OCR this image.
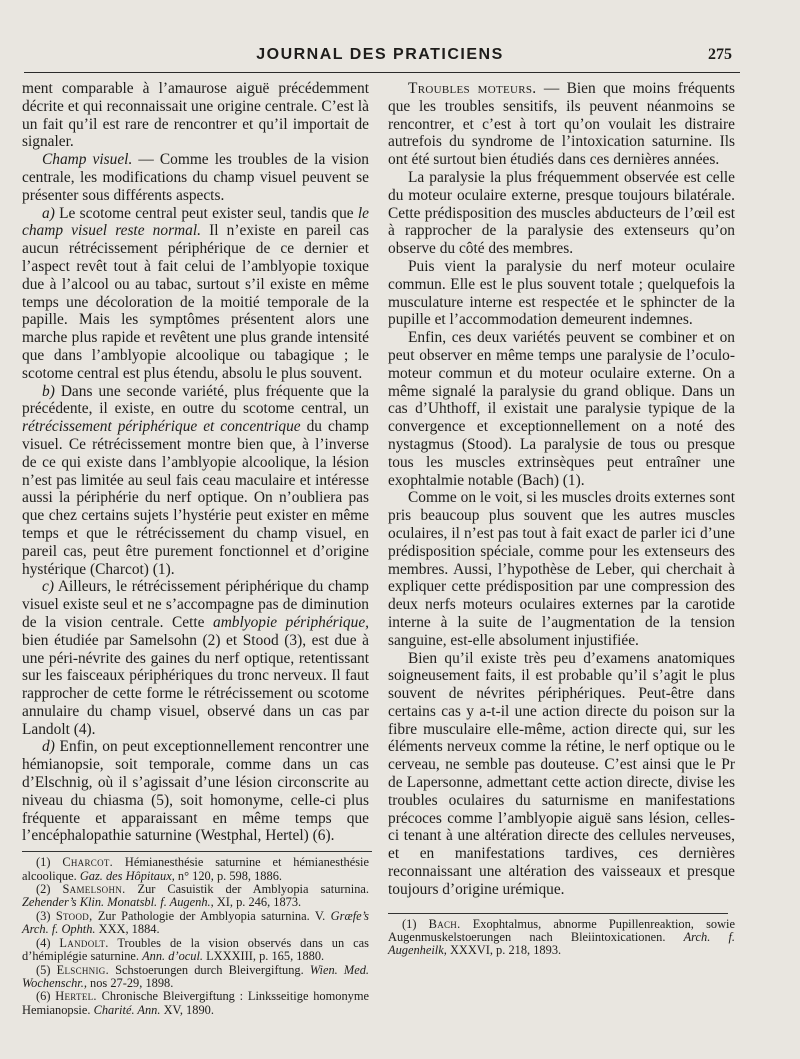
JOURNAL DES PRATICIENS	275

ment comparable à l’amaurose aiguë précédemment décrite et qui reconnaissait une origine centrale. C’est là un fait qu’il est rare de rencontrer et qu’il importait de signaler.

Champ visuel. — Comme les troubles de la vision centrale, les modifications du champ visuel peuvent se présenter sous différents aspects.

a) Le scotome central peut exister seul, tandis que le champ visuel reste normal. Il n’existe en pareil cas aucun rétrécissement périphérique de ce dernier et l’aspect revêt tout à fait celui de l’amblyopie toxique due à l’alcool ou au tabac, surtout s’il existe en même temps une décoloration de la moitié temporale de la papille. Mais les symptômes présentent alors une marche plus rapide et revêtent une plus grande intensité que dans l’amblyopie alcoolique ou tabagique ; le scotome central est plus étendu, absolu le plus souvent.

b) Dans une seconde variété, plus fréquente que la précédente, il existe, en outre du scotome central, un rétrécissement périphérique et concentrique du champ visuel. Ce rétrécissement montre bien que, à l’inverse de ce qui existe dans l’amblyopie alcoolique, la lésion n’est pas limitée au seul fais ceau maculaire et intéresse aussi la périphérie du nerf optique. On n’oubliera pas que chez certains sujets l’hystérie peut exister en même temps et que le rétrécissement du champ visuel, en pareil cas, peut être purement fonctionnel et d’origine hystérique (Charcot) (1).

c) Ailleurs, le rétrécissement périphérique du champ visuel existe seul et ne s’accompagne pas de diminution de la vision centrale. Cette amblyopie périphérique, bien étudiée par Samelsohn (2) et Stood (3), est due à une péri-névrite des gaines du nerf optique, retentissant sur les faisceaux périphériques du tronc nerveux. Il faut rapprocher de cette forme le rétrécissement ou scotome annulaire du champ visuel, observé dans un cas par Landolt (4).

d) Enfin, on peut exceptionnellement rencontrer une hémianopsie, soit temporale, comme dans un cas d’Elschnig, où il s’agissait d’une lésion circonscrite au niveau du chiasma (5), soit homonyme, celle-ci plus fréquente et apparaissant en même temps que l’encéphalopathie saturnine (Westphal, Hertel) (6).

(1) Charcot. Hémianesthésie saturnine et hémianesthésie alcoolique. Gaz. des Hôpitaux, n° 120, p. 598, 1886.

(2) Samelsohn. Zur Casuistik der Amblyopia saturnina. Zehender’s Klin. Monatsbl. f. Augenh., XI, p. 246, 1873.

(3) Stood, Zur Pathologie der Amblyopia saturnina. V. Græfe’s Arch. f. Ophth. XXX, 1884.

(4) Landolt. Troubles de la vision observés dans un cas d’hémiplégie saturnine. Ann. d’ocul. LXXXIII, p. 165, 1880.

(5) Elschnig. Schstoerungen durch Bleivergiftung. Wien. Med. Wochenschr., nos 27-29, 1898.

(6) Hertel. Chronische Bleivergiftung : Linksseitige homonyme Hemianopsie. Charité. Ann. XV, 1890.

Troubles moteurs. — Bien que moins fréquents que les troubles sensitifs, ils peuvent néanmoins se rencontrer, et c’est à tort qu’on voulait les distraire autrefois du syndrome de l’intoxication saturnine. Ils ont été surtout bien étudiés dans ces dernières années.

La paralysie la plus fréquemment observée est celle du moteur oculaire externe, presque toujours bilatérale. Cette prédisposition des muscles abducteurs de l’œil est à rapprocher de la paralysie des extenseurs qu’on observe du côté des membres.

Puis vient la paralysie du nerf moteur oculaire commun. Elle est le plus souvent totale ; quelquefois la musculature interne est respectée et le sphincter de la pupille et l’accommodation demeurent indemnes.

Enfin, ces deux variétés peuvent se combiner et on peut observer en même temps une paralysie de l’oculo-moteur commun et du moteur oculaire externe. On a même signalé la paralysie du grand oblique. Dans un cas d’Uhthoff, il existait une paralysie typique de la convergence et exceptionnellement on a noté des nystagmus (Stood). La paralysie de tous ou presque tous les muscles extrinsèques peut entraîner une exophtalmie notable (Bach) (1).

Comme on le voit, si les muscles droits externes sont pris beaucoup plus souvent que les autres muscles oculaires, il n’est pas tout à fait exact de parler ici d’une prédisposition spéciale, comme pour les extenseurs des membres. Aussi, l’hypothèse de Leber, qui cherchait à expliquer cette prédisposition par une compression des deux nerfs moteurs oculaires externes par la carotide interne à la suite de l’augmentation de la tension sanguine, est-elle absolument injustifiée.

Bien qu’il existe très peu d’examens anatomiques soigneusement faits, il est probable qu’il s’agit le plus souvent de névrites périphériques. Peut-être dans certains cas y a-t-il une action directe du poison sur la fibre musculaire elle-même, action directe qui, sur les éléments nerveux comme la rétine, le nerf optique ou le cerveau, ne semble pas douteuse. C’est ainsi que le Pr de Lapersonne, admettant cette action directe, divise les troubles oculaires du saturnisme en manifestations précoces comme l’amblyopie aiguë sans lésion, celles-ci tenant à une altération directe des cellules nerveuses, et en manifestations tardives, ces dernières reconnaissant une altération des vaisseaux et presque toujours d’origine urémique.

(1) Bach. Exophtalmus, abnorme Pupillenreaktion, sowie Augenmuskelstoerungen nach Bleiintoxicationen. Arch. f. Augenheilk, XXXVI, p. 218, 1893.
